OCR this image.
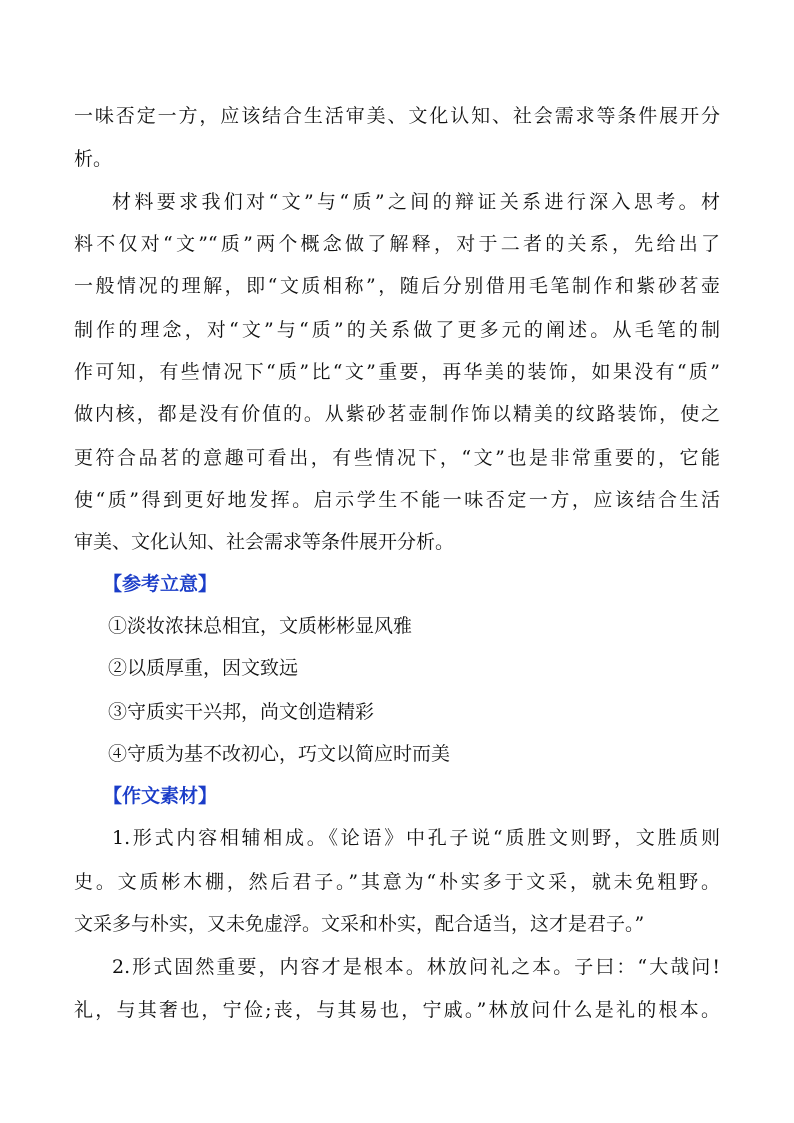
一味否定一方，应该结合生活审美、文化认知、社会需求等条件展开分
析。
材料要求我们对“文”与“质”之间的辩证关系进行深入思考。材
料不仅对“文”“质”两个概念做了解释，对于二者的关系，先给出了
一般情况的理解，即“文质相称”，随后分别借用毛笔制作和紫砂茗壶
制作的理念，对“文”与“质”的关系做了更多元的阐述。从毛笔的制
作可知，有些情况下“质”比“文”重要，再华美的装饰，如果没有“质”
做内核，都是没有价值的。从紫砂茗壶制作饰以精美的纹路装饰，使之
更符合品茗的意趣可看出，有些情况下，“文”也是非常重要的，它能
使“质”得到更好地发挥。启示学生不能一味否定一方，应该结合生活
审美、文化认知、社会需求等条件展开分析。
【参考立意】
①淡妆浓抹总相宜，文质彬彬显风雅
②以质厚重，因文致远
③守质实干兴邦，尚文创造精彩
④守质为基不改初心，巧文以简应时而美
【作文素材】
1.形式内容相辅相成。《论语》中孔子说“质胜文则野，文胜质则
史。文质彬木棚，然后君子。”其意为“朴实多于文采，就未免粗野。
文采多与朴实，又未免虚浮。文采和朴实，配合适当，这才是君子。”
2.形式固然重要，内容才是根本。林放问礼之本。子曰：“大哉问!
礼，与其奢也，宁俭;丧，与其易也，宁戚。”林放问什么是礼的根本。
